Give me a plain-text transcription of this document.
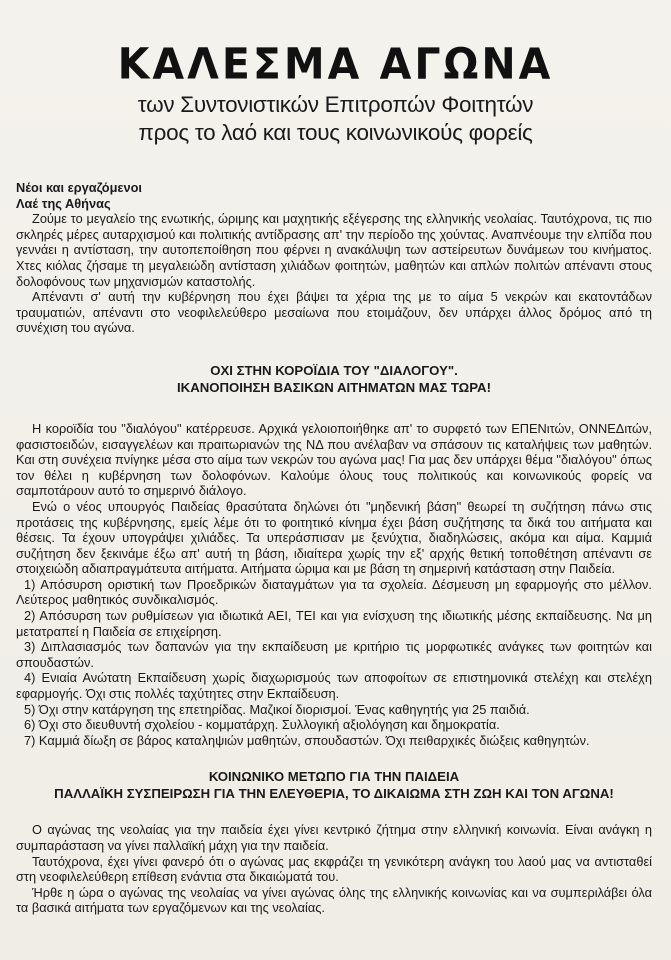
ΚΑΛΕΣΜΑ ΑΓΩΝΑ
των Συντονιστικών Επιτροπών Φοιτητών
προς το λαό και τους κοινωνικούς φορείς

Νέοι και εργαζόμενοι

Λαέ της Αθήνας

Ζούμε το μεγαλείο της ενωτικής, ώριμης και μαχητικής εξέγερσης της ελληνικής νεολαίας. Ταυτόχρονα, τις πιο σκληρές μέρες αυταρχισμού και πολιτικής αντίδρασης απ' την περίοδο της χούντας. Αναπνέουμε την ελπίδα που γεννάει η αντίσταση, την αυτοπεποίθηση που φέρνει η ανακάλυψη των αστείρευτων δυνάμεων του κινήματος. Χτες κιόλας ζήσαμε τη μεγαλειώδη αντίσταση χιλιάδων φοιτητών, μαθητών και απλών πολιτών απέναντι στους δολοφόνους των μηχανισμών καταστολής.

Απέναντι σ' αυτή την κυβέρνηση που έχει βάψει τα χέρια της με το αίμα 5 νεκρών και εκατοντάδων τραυματιών, απέναντι στο νεοφιλελεύθερο μεσαίωνα που ετοιμάζουν, δεν υπάρχει άλλος δρόμος από τη συνέχιση του αγώνα.

ΟΧΙ ΣΤΗΝ ΚΟΡΟΪΔΙΑ ΤΟΥ "ΔΙΑΛΟΓΟΥ".

ΙΚΑΝΟΠΟΙΗΣΗ ΒΑΣΙΚΩΝ ΑΙΤΗΜΑΤΩΝ ΜΑΣ ΤΩΡΑ!

Η κοροϊδία του "διαλόγου" κατέρρευσε. Αρχικά γελοιοποιήθηκε απ' το συρφετό των ΕΠΕΝιτών, ΟΝΝΕΔιτών, φασιστοειδών, εισαγγελέων και πραιτωριανών της ΝΔ που ανέλαβαν να σπάσουν τις καταλήψεις των μαθητών. Και στη συνέχεια πνίγηκε μέσα στο αίμα των νεκρών του αγώνα μας! Για μας δεν υπάρχει θέμα "διαλόγου" όπως τον θέλει η κυβέρνηση των δολοφόνων. Καλούμε όλους τους πολιτικούς και κοινωνικούς φορείς να σαμποτάρουν αυτό το σημερινό διάλογο.

Ενώ ο νέος υπουργός Παιδείας θρασύτατα δηλώνει ότι "μηδενική βάση" θεωρεί τη συζήτηση πάνω στις προτάσεις της κυβέρνησης, εμείς λέμε ότι το φοιτητικό κίνημα έχει βάση συζήτησης τα δικά του αιτήματα και θέσεις. Τα έχουν υπογράψει χιλιάδες. Τα υπεράσπισαν με ξενύχτια, διαδηλώσεις, ακόμα και αίμα. Καμμιά συζήτηση δεν ξεκινάμε έξω απ' αυτή τη βάση, ιδιαίτερα χωρίς την εξ' αρχής θετική τοποθέτηση απέναντι σε στοιχειώδη αδιαπραγμάτευτα αιτήματα. Αιτήματα ώριμα και με βάση τη σημερινή κατάσταση στην Παιδεία.

1) Απόσυρση οριστική των Προεδρικών διαταγμάτων για τα σχολεία. Δέσμευση μη εφαρμογής στο μέλλον. Λεύτερος μαθητικός συνδικαλισμός.

2) Απόσυρση των ρυθμίσεων για ιδιωτικά ΑΕΙ, ΤΕΙ και για ενίσχυση της ιδιωτικής μέσης εκπαίδευσης. Να μη μετατραπεί η Παιδεία σε επιχείρηση.

3) Διπλασιασμός των δαπανών για την εκπαίδευση με κριτήριο τις μορφωτικές ανάγκες των φοιτητών και σπουδαστών.

4) Ενιαία Ανώτατη Εκπαίδευση χωρίς διαχωρισμούς των αποφοίτων σε επιστημονικά στελέχη και στελέχη εφαρμογής. Όχι στις πολλές ταχύτητες στην Εκπαίδευση.

5) Όχι στην κατάργηση της επετηρίδας. Μαζικοί διορισμοί. Ένας καθηγητής για 25 παιδιά.

6) Όχι στο διευθυντή σχολείου - κομματάρχη. Συλλογική αξιολόγηση και δημοκρατία.

7) Καμμιά δίωξη σε βάρος καταληψιών μαθητών, σπουδαστών. Όχι πειθαρχικές διώξεις καθηγητών.

ΚΟΙΝΩΝΙΚΟ ΜΕΤΩΠΟ ΓΙΑ ΤΗΝ ΠΑΙΔΕΙΑ

ΠΑΛΛΑΪΚΗ ΣΥΣΠΕΙΡΩΣΗ ΓΙΑ ΤΗΝ ΕΛΕΥΘΕΡΙΑ, ΤΟ ΔΙΚΑΙΩΜΑ ΣΤΗ ΖΩΗ ΚΑΙ ΤΟΝ ΑΓΩΝΑ!

Ο αγώνας της νεολαίας για την παιδεία έχει γίνει κεντρικό ζήτημα στην ελληνική κοινωνία. Είναι ανάγκη η συμπαράσταση να γίνει παλλαϊκή μάχη για την παιδεία.

Ταυτόχρονα, έχει γίνει φανερό ότι ο αγώνας μας εκφράζει τη γενικότερη ανάγκη του λαού μας να αντισταθεί στη νεοφιλελεύθερη επίθεση ενάντια στα δικαιώματά του.

Ήρθε η ώρα ο αγώνας της νεολαίας να γίνει αγώνας όλης της ελληνικής κοινωνίας και να συμπεριλάβει όλα τα βασικά αιτήματα των εργαζόμενων και της νεολαίας.
